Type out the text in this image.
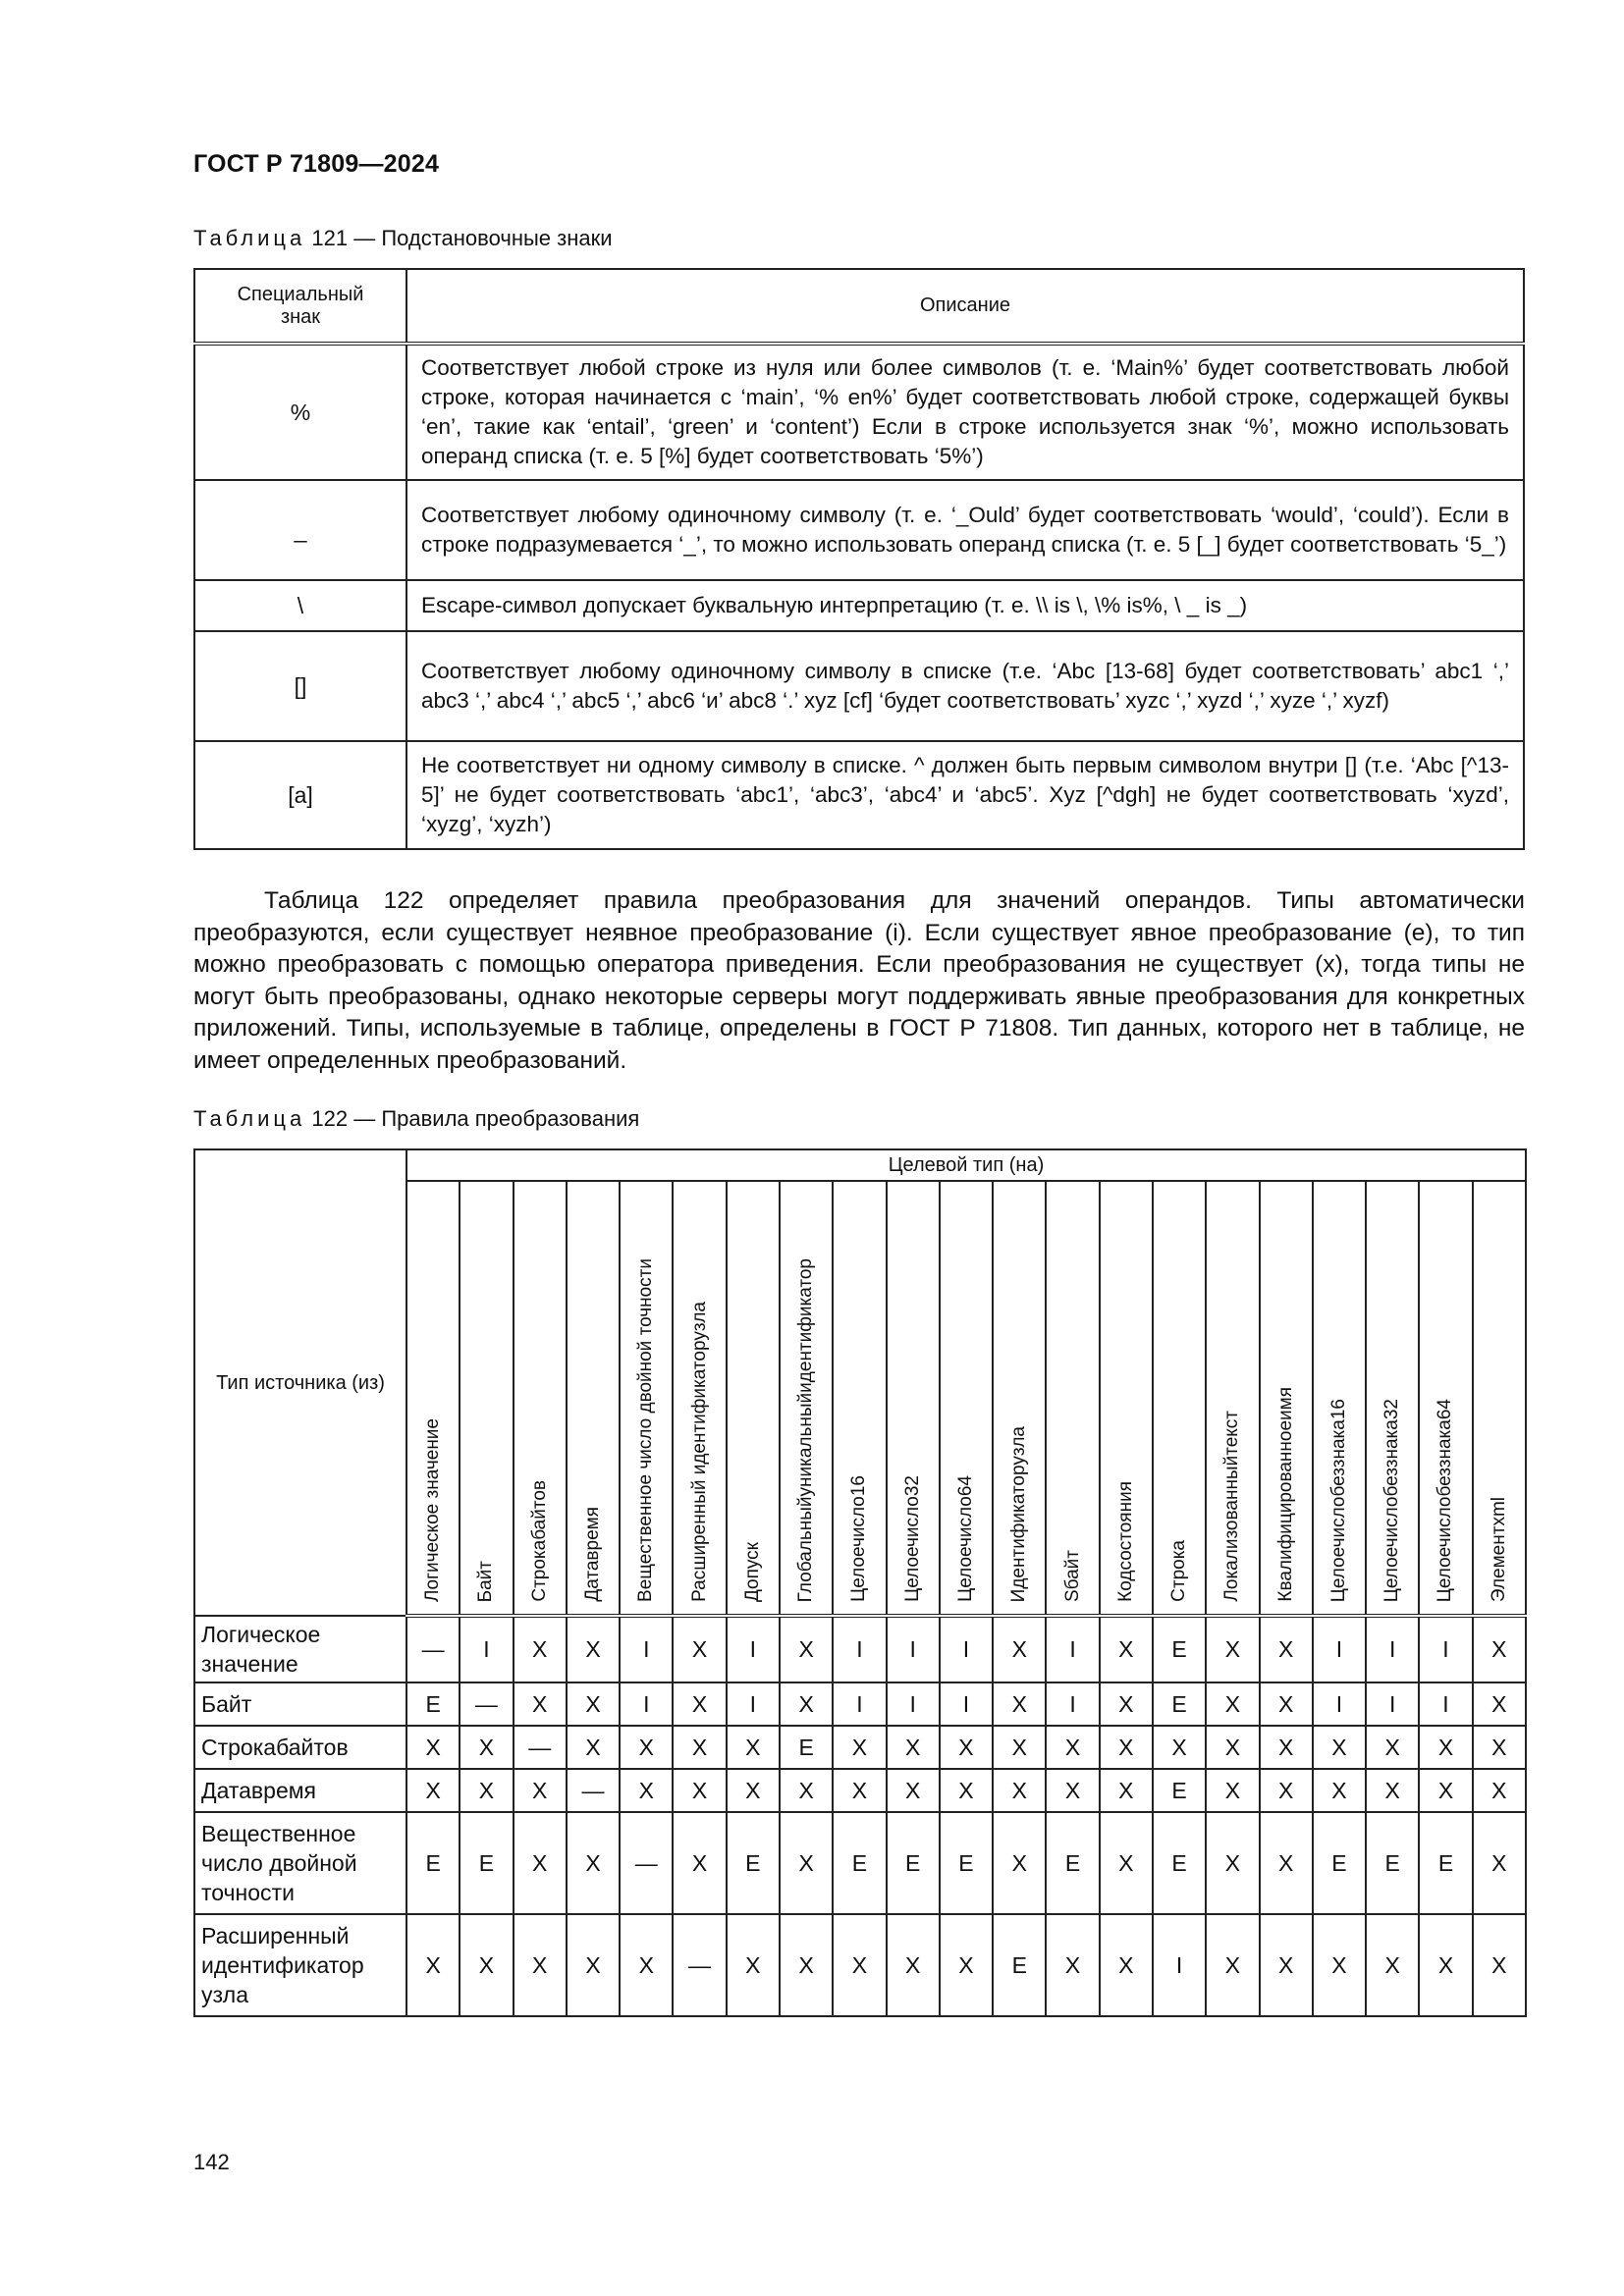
ГОСТ Р 71809—2024
Таблица 121 — Подстановочные знаки
Специальный знак	Описание
%	Соответствует любой строке из нуля или более символов (т. е. ‘Main%’ будет соответствовать любой строке, которая начинается с ‘main’, ‘% en%’ будет соответствовать любой строке, содержащей буквы ‘en’, такие как ‘entail’, ‘green’ и ‘content’) Если в строке используется знак ‘%’, можно использовать операнд списка (т. е. 5 [%] будет соответствовать ‘5%’)
_	Соответствует любому одиночному символу (т. е. ‘_Ould’ будет соответствовать ‘would’, ‘could’). Если в строке подразумевается ‘_’, то можно использовать операнд списка (т. е. 5 [_] будет соответствовать ‘5_’)
\	Escape-символ допускает буквальную интерпретацию (т. е. \\ is \, \% is%, \ _ is _)
[]	Соответствует любому одиночному символу в списке (т.е. ‘Abc [13-68] будет соответствовать’ abc1 ‘,’ abc3 ‘,’ abc4 ‘,’ abc5 ‘,’ abc6 ‘и’ abc8 ‘.’ xyz [cf] ‘будет соответствовать’ xyzc ‘,’ xyzd ‘,’ xyze ‘,’ xyzf)
[a]	Не соответствует ни одному символу в списке. ^ должен быть первым символом внутри [] (т.е. ‘Abc [^13-5]’ не будет соответствовать ‘abc1’, ‘abc3’, ‘abc4’ и ‘abc5’. Xyz [^dgh] не будет соответствовать ‘xyzd’, ‘xyzg’, ‘xyzh’)
Таблица 122 определяет правила преобразования для значений операндов. Типы автоматически преобразуются, если существует неявное преобразование (i). Если существует явное преобразование (e), то тип можно преобразовать с помощью оператора приведения. Если преобразования не существует (x), тогда типы не могут быть преобразованы, однако некоторые серверы могут поддерживать явные преобразования для конкретных приложений. Типы, используемые в таблице, определены в ГОСТ Р 71808. Тип данных, которого нет в таблице, не имеет определенных преобразований.
Таблица 122 — Правила преобразования
Тип источника (из)	Целевой тип (на)																				

	Логическое значение	Байт	Строкабайтов	Датавремя	Вещественное число двойной точности	Расширенный идентификаторузла	Допуск	Глобальныйуникальныйидентификатор	Целоечисло16	Целоечисло32	Целоечисло64	Идентификаторузла	Sбайт	Кодсостояния	Строка	Локализованныйтекст	Квалифицированноеимя	Целоечислобеззнака16	Целоечислобеззнака32	Целоечислобеззнака64	Элементxml

Логическое значение	—	I	X	X	I	X	I	X	I	I	I	X	I	X	E	X	X	I	I	I	X
Байт	E	—	X	X	I	X	I	X	I	I	I	X	I	X	E	X	X	I	I	I	X
Строкабайтов	X	X	—	X	X	X	X	E	X	X	X	X	X	X	X	X	X	X	X	X	X
Датавремя	X	X	X	—	X	X	X	X	X	X	X	X	X	X	E	X	X	X	X	X	X
Вещественное число двойной точности	E	E	X	X	—	X	E	X	E	E	E	X	E	X	E	X	X	E	E	E	X
Расширенный идентификатор узла	X	X	X	X	X	—	X	X	X	X	X	E	X	X	I	X	X	X	X	X	X
142
